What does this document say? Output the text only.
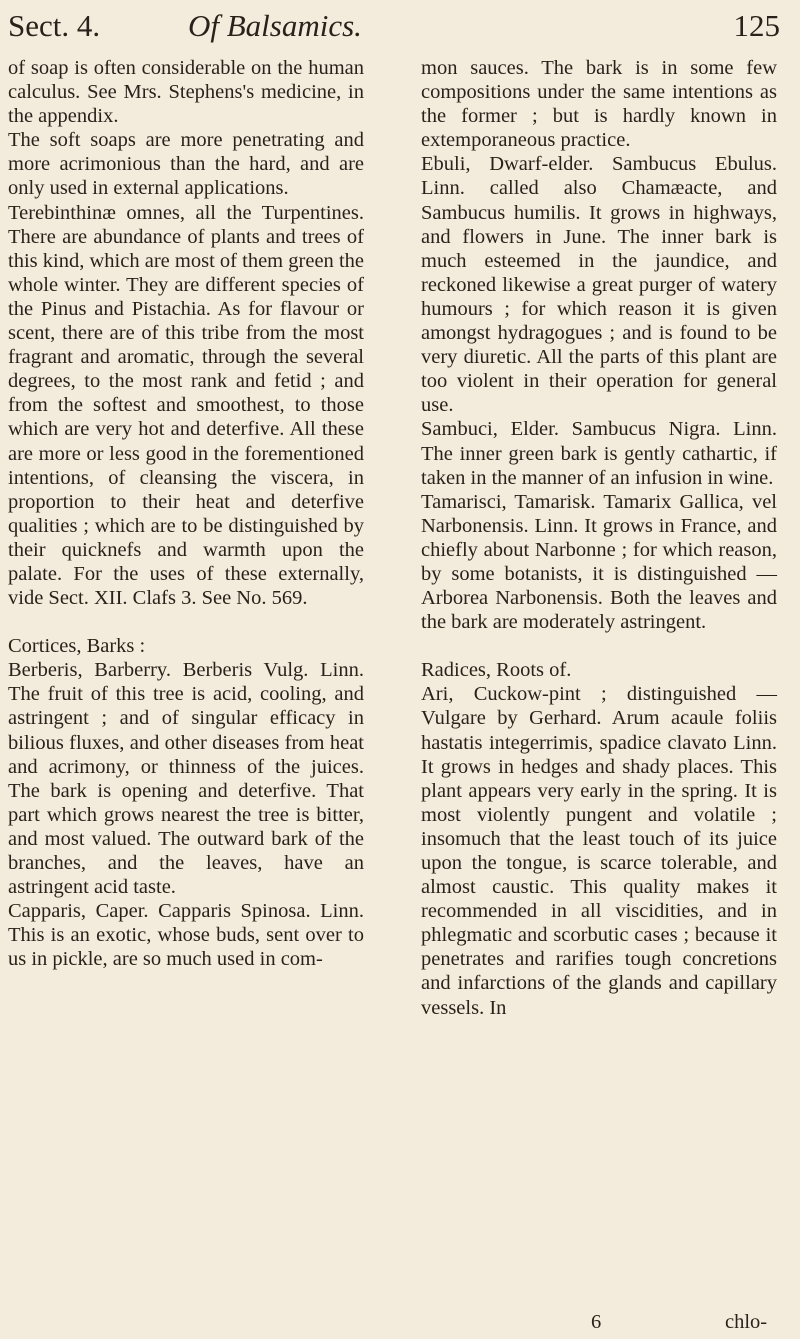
Sect. 4.	Of Balsamics.	125

of soap is often considerable on the human calculus. See Mrs. Stephens's medicine, in the appendix.

The soft soaps are more penetrating and more acrimonious than the hard, and are only used in external applications.

Terebinthinæ omnes, all the Turpentines. There are abundance of plants and trees of this kind, which are most of them green the whole winter. They are different species of the Pinus and Pistachia. As for flavour or scent, there are of this tribe from the most fragrant and aromatic, through the several degrees, to the most rank and fetid ; and from the softest and smoothest, to those which are very hot and deterfive. All these are more or less good in the forementioned intentions, of cleansing the viscera, in proportion to their heat and deterfive qualities ; which are to be distinguished by their quicknefs and warmth upon the palate. For the uses of these externally, vide Sect. XII. Clafs 3. See No. 569.

Cortices, Barks :

Berberis, Barberry. Berberis Vulg. Linn. The fruit of this tree is acid, cooling, and astringent ; and of singular efficacy in bilious fluxes, and other diseases from heat and acrimony, or thinness of the juices. The bark is opening and deterfive. That part which grows nearest the tree is bitter, and most valued. The outward bark of the branches, and the leaves, have an astringent acid taste.

Capparis, Caper. Capparis Spinosa. Linn. This is an exotic, whose buds, sent over to us in pickle, are so much used in com-

mon sauces. The bark is in some few compositions under the same intentions as the former ; but is hardly known in extemporaneous practice.

Ebuli, Dwarf-elder. Sambucus Ebulus. Linn. called also Chamæacte, and Sambucus humilis. It grows in highways, and flowers in June. The inner bark is much esteemed in the jaundice, and reckoned likewise a great purger of watery humours ; for which reason it is given amongst hydragogues ; and is found to be very diuretic. All the parts of this plant are too violent in their operation for general use.

Sambuci, Elder. Sambucus Nigra. Linn. The inner green bark is gently cathartic, if taken in the manner of an infusion in wine.

Tamarisci, Tamarisk. Tamarix Gallica, vel Narbonensis. Linn. It grows in France, and chiefly about Narbonne ; for which reason, by some botanists, it is distinguished — Arborea Narbonensis. Both the leaves and the bark are moderately astringent.

Radices, Roots of.

Ari, Cuckow-pint ; distinguished — Vulgare by Gerhard. Arum acaule foliis hastatis integerrimis, spadice clavato Linn. It grows in hedges and shady places. This plant appears very early in the spring. It is most violently pungent and volatile ; insomuch that the least touch of its juice upon the tongue, is scarce tolerable, and almost caustic. This quality makes it recommended in all viscidities, and in phlegmatic and scorbutic cases ; because it penetrates and rarifies tough concretions and infarctions of the glands and capillary vessels. In

6	chlo-
